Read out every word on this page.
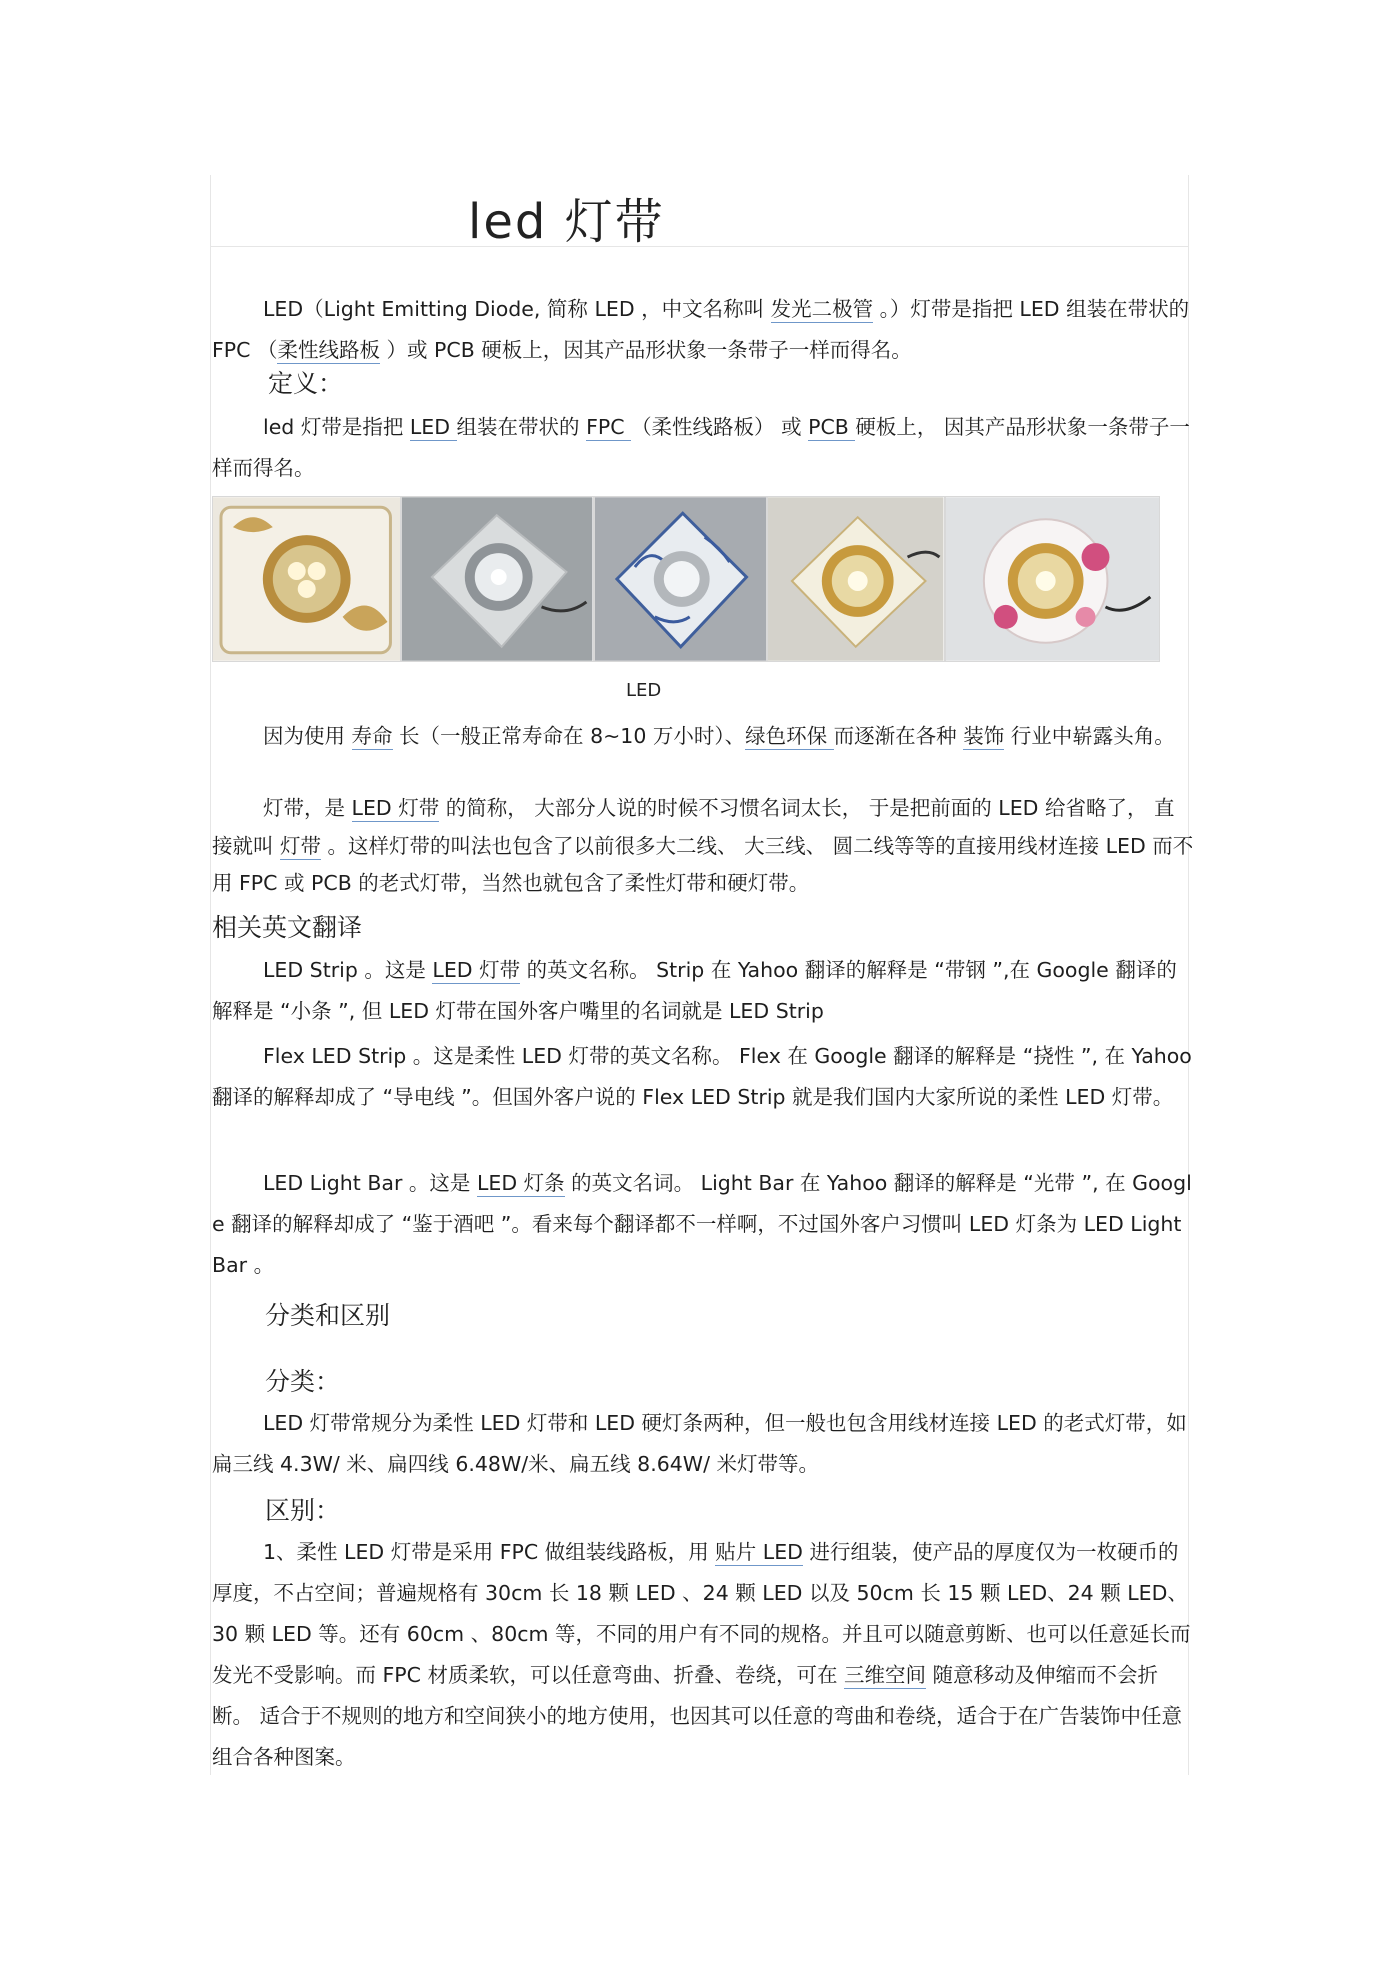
led 灯带
LED（Light Emitting Diode, 简称 LED ，中文名称叫 发光二极管 。）灯带是指把 LED 组装在带状的 FPC （柔性线路板 ）或 PCB 硬板上，因其产品形状象一条带子一样而得名。
定义：
led 灯带是指把 LED 组装在带状的 FPC （柔性线路板） 或 PCB 硬板上， 因其产品形状象一条带子一样而得名。
LED
因为使用 寿命 长（一般正常寿命在 8~10 万小时）、绿色环保 而逐渐在各种 装饰 行业中崭露头角。
灯带，是 LED 灯带 的简称， 大部分人说的时候不习惯名词太长， 于是把前面的 LED 给省略了， 直接就叫 灯带 。这样灯带的叫法也包含了以前很多大二线、 大三线、 圆二线等等的直接用线材连接 LED 而不用 FPC 或 PCB 的老式灯带，当然也就包含了柔性灯带和硬灯带。
相关英文翻译
LED Strip 。这是 LED 灯带 的英文名称。 Strip 在 Yahoo 翻译的解释是 “带钢 ”,在 Google 翻译的解释是 “小条 ”, 但 LED 灯带在国外客户嘴里的名词就是 LED Strip
Flex LED Strip 。这是柔性 LED 灯带的英文名称。 Flex 在 Google 翻译的解释是 “挠性 ”, 在 Yahoo 翻译的解释却成了 “导电线 ”。但国外客户说的 Flex LED Strip 就是我们国内大家所说的柔性 LED 灯带。
LED Light Bar 。这是 LED 灯条 的英文名词。 Light Bar 在 Yahoo 翻译的解释是 “光带 ”, 在 Google 翻译的解释却成了 “鉴于酒吧 ”。看来每个翻译都不一样啊，不过国外客户习惯叫 LED 灯条为 LED Light Bar 。
分类和区别
分类：
LED 灯带常规分为柔性 LED 灯带和 LED 硬灯条两种，但一般也包含用线材连接 LED 的老式灯带，如扁三线 4.3W/ 米、扁四线 6.48W/米、扁五线 8.64W/ 米灯带等。
区别：
1、柔性 LED 灯带是采用 FPC 做组装线路板，用 贴片 LED 进行组装，使产品的厚度仅为一枚硬币的厚度，不占空间；普遍规格有 30cm 长 18 颗 LED 、24 颗 LED 以及 50cm 长 15 颗 LED、24 颗 LED、30 颗 LED 等。还有 60cm 、80cm 等，不同的用户有不同的规格。并且可以随意剪断、也可以任意延长而发光不受影响。而 FPC 材质柔软，可以任意弯曲、折叠、卷绕，可在 三维空间 随意移动及伸缩而不会折断。 适合于不规则的地方和空间狭小的地方使用，也因其可以任意的弯曲和卷绕，适合于在广告装饰中任意组合各种图案。
